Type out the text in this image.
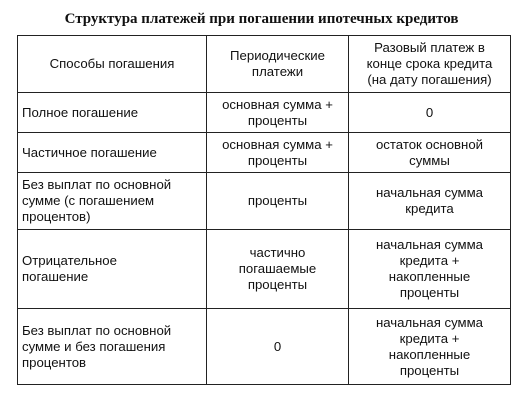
Структура платежей при погашении ипотечных кредитов
Способы погашения	Периодические платежи	Разовый платеж в конце срока кредита (на дату погашения)
Полное погашение	основная сумма + проценты	0
Частичное погашение	основная сумма + проценты	остаток основной суммы
Без выплат по основной сумме (с погашением процентов)	проценты	начальная сумма кредита
Отрицательное погашение	частично погашаемые проценты	начальная сумма кредита + накопленные проценты
Без выплат по основной сумме и без погашения процентов	0	начальная сумма кредита + накопленные проценты
